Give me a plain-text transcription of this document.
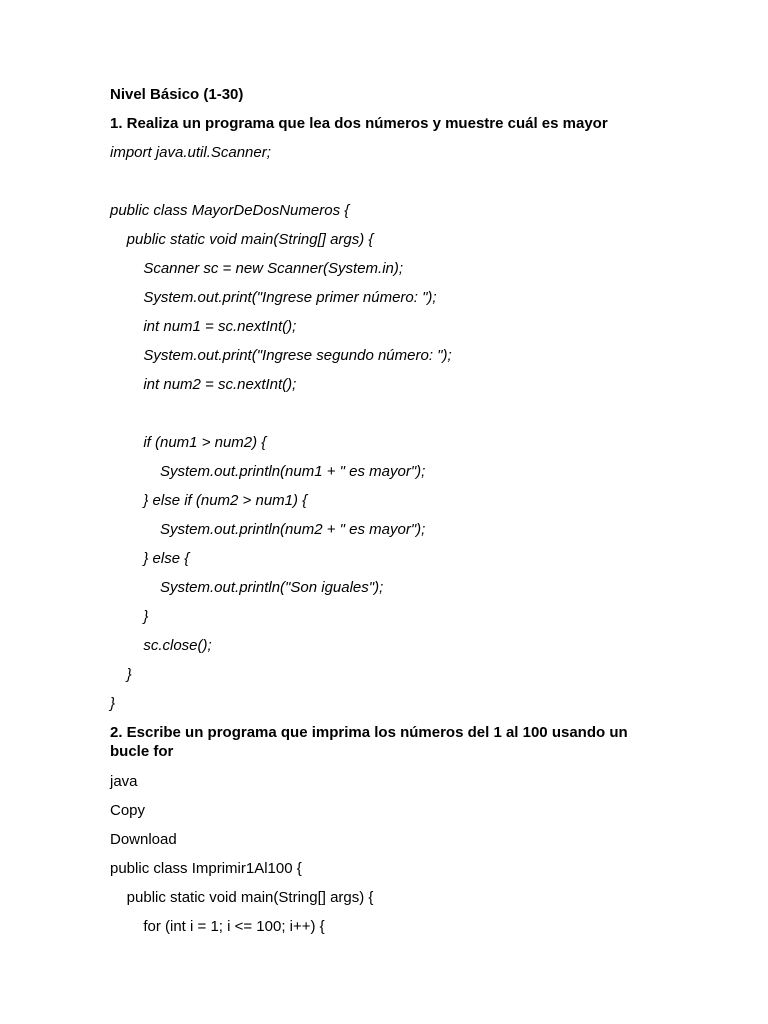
Nivel Básico (1-30)
1. Realiza un programa que lea dos números y muestre cuál es mayor
import java.util.Scanner;
public class MayorDeDosNumeros {
public static void main(String[] args) {
Scanner sc = new Scanner(System.in);
System.out.print("Ingrese primer número: ");
int num1 = sc.nextInt();
System.out.print("Ingrese segundo número: ");
int num2 = sc.nextInt();
if (num1 > num2) {
System.out.println(num1 + " es mayor");
} else if (num2 > num1) {
System.out.println(num2 + " es mayor");
} else {
System.out.println("Son iguales");
}
sc.close();
}
}
2. Escribe un programa que imprima los números del 1 al 100 usando un bucle for
java
Copy
Download
public class Imprimir1Al100 {
public static void main(String[] args) {
for (int i = 1; i <= 100; i++) {
